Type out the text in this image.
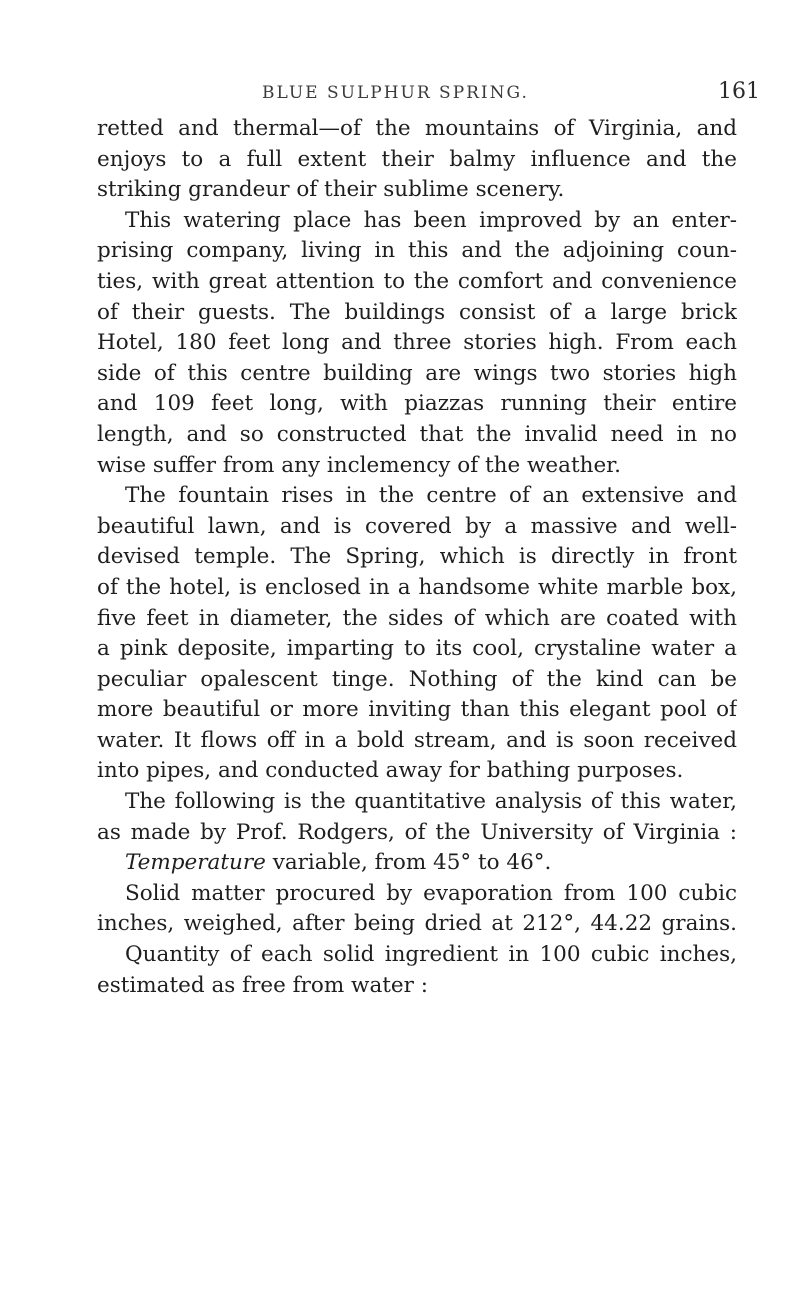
BLUE SULPHUR SPRING.	161
retted and thermal—of the mountains of Virginia, and
enjoys to a full extent their balmy influence and the
striking grandeur of their sublime scenery.
This watering place has been improved by an enter-
prising company, living in this and the adjoining coun-
ties, with great attention to the comfort and convenience
of their guests. The buildings consist of a large brick
Hotel, 180 feet long and three stories high. From each
side of this centre building are wings two stories high
and 109 feet long, with piazzas running their entire
length, and so constructed that the invalid need in no
wise suffer from any inclemency of the weather.
The fountain rises in the centre of an extensive and
beautiful lawn, and is covered by a massive and well-
devised temple. The Spring, which is directly in front
of the hotel, is enclosed in a handsome white marble box,
five feet in diameter, the sides of which are coated with
a pink deposite, imparting to its cool, crystaline water a
peculiar opalescent tinge. Nothing of the kind can be
more beautiful or more inviting than this elegant pool of
water. It flows off in a bold stream, and is soon received
into pipes, and conducted away for bathing purposes.
The following is the quantitative analysis of this water,
as made by Prof. Rodgers, of the University of Virginia :
Temperature variable, from 45° to 46°.
Solid matter procured by evaporation from 100 cubic
inches, weighed, after being dried at 212°, 44.22 grains.
Quantity of each solid ingredient in 100 cubic inches,
estimated as free from water :
